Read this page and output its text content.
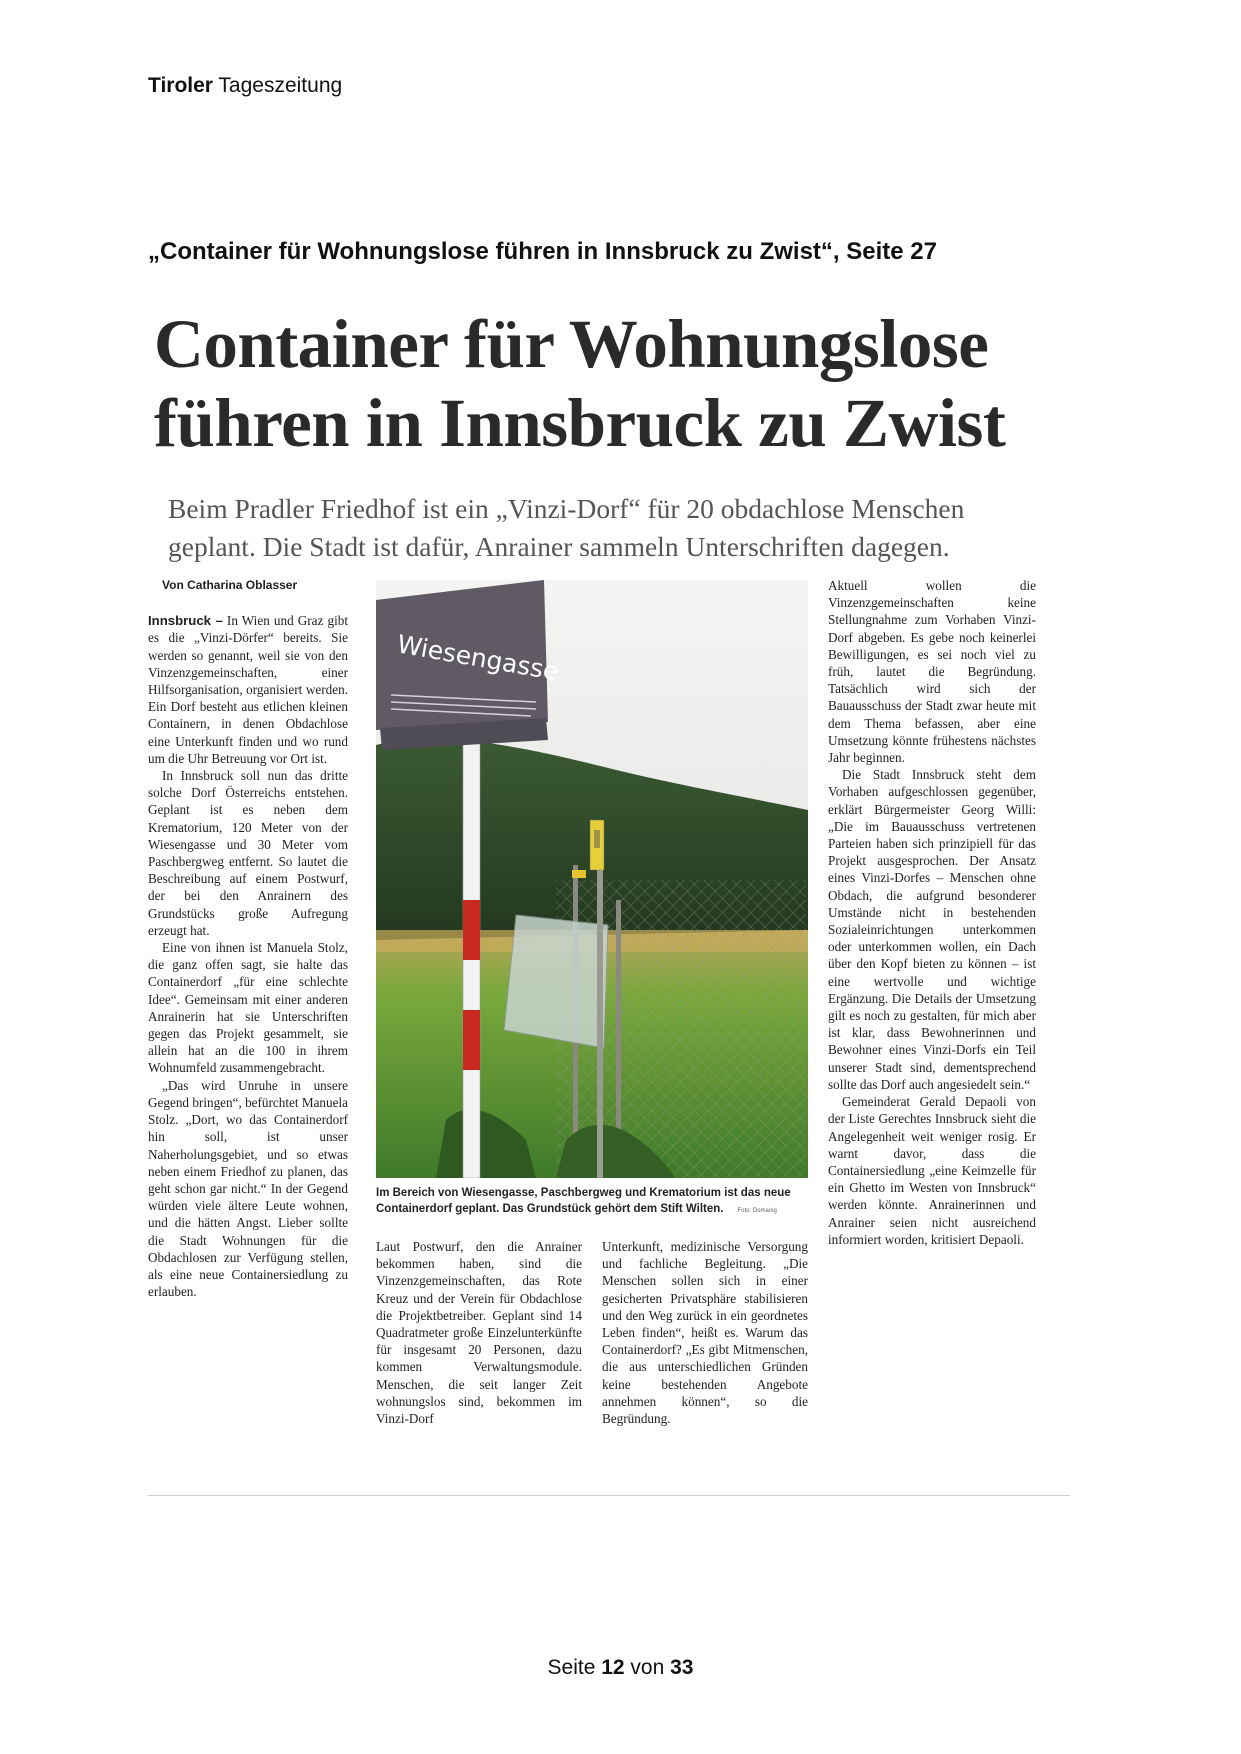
Tiroler Tageszeitung
„Container für Wohnungslose führen in Innsbruck zu Zwist“, Seite 27
Container für Wohnungslose
führen in Innsbruck zu Zwist
Beim Pradler Friedhof ist ein „Vinzi-Dorf“ für 20 obdachlose Menschen
geplant. Die Stadt ist dafür, Anrainer sammeln Unterschriften dagegen.

Von Catharina Oblasser

Innsbruck – In Wien und Graz gibt es die „Vinzi-Dörfer“ bereits. Sie werden so genannt, weil sie von den Vinzenzgemeinschaften, einer Hilfsorganisation, organisiert werden. Ein Dorf besteht aus etlichen kleinen Containern, in denen Obdachlose eine Unterkunft finden und wo rund um die Uhr Betreuung vor Ort ist.

In Innsbruck soll nun das dritte solche Dorf Österreichs entstehen. Geplant ist es neben dem Krematorium, 120 Meter von der Wiesengasse und 30 Meter vom Paschbergweg entfernt. So lautet die Beschreibung auf einem Postwurf, der bei den Anrainern des Grundstücks große Aufregung erzeugt hat.

Eine von ihnen ist Manuela Stolz, die ganz offen sagt, sie halte das Containerdorf „für eine schlechte Idee“. Gemeinsam mit einer anderen Anrainerin hat sie Unterschriften gegen das Projekt gesammelt, sie allein hat an die 100 in ihrem Wohnumfeld zusammengebracht.

„Das wird Unruhe in unsere Gegend bringen“, befürchtet Manuela Stolz. „Dort, wo das Containerdorf hin soll, ist unser Naherholungsgebiet, und so etwas neben einem Friedhof zu planen, das geht schon gar nicht.“ In der Gegend würden viele ältere Leute wohnen, und die hätten Angst. Lieber sollte die Stadt Wohnungen für die Obdachlosen zur Verfügung stellen, als eine neue Containersiedlung zu erlauben.

Wiesengasse
Im Bereich von Wiesengasse, Paschbergweg und Krematorium ist das neue Containerdorf geplant. Das Grundstück gehört dem Stift Wilten. Foto: Domanig

Laut Postwurf, den die Anrainer bekommen haben, sind die Vinzenzgemeinschaften, das Rote Kreuz und der Verein für Obdachlose die Projektbetreiber. Geplant sind 14 Quadratmeter große Einzelunterkünfte für insgesamt 20 Personen, dazu kommen Verwaltungsmodule. Menschen, die seit langer Zeit wohnungslos sind, bekommen im Vinzi-Dorf

Unterkunft, medizinische Versorgung und fachliche Begleitung. „Die Menschen sollen sich in einer gesicherten Privatsphäre stabilisieren und den Weg zurück in ein geordnetes Leben finden“, heißt es. Warum das Containerdorf? „Es gibt Mitmenschen, die aus unterschiedlichen Gründen keine bestehenden Angebote annehmen können“, so die Begründung.

Aktuell wollen die Vinzenzgemeinschaften keine Stellungnahme zum Vorhaben Vinzi-Dorf abgeben. Es gebe noch keinerlei Bewilligungen, es sei noch viel zu früh, lautet die Begründung. Tatsächlich wird sich der Bauausschuss der Stadt zwar heute mit dem Thema befassen, aber eine Umsetzung könnte frühestens nächstes Jahr beginnen.

Die Stadt Innsbruck steht dem Vorhaben aufgeschlossen gegenüber, erklärt Bürgermeister Georg Willi: „Die im Bauausschuss vertretenen Parteien haben sich prinzipiell für das Projekt ausgesprochen. Der Ansatz eines Vinzi-Dorfes – Menschen ohne Obdach, die aufgrund besonderer Umstände nicht in bestehenden Sozialeinrichtungen unterkommen oder unterkommen wollen, ein Dach über den Kopf bieten zu können – ist eine wertvolle und wichtige Ergänzung. Die Details der Umsetzung gilt es noch zu gestalten, für mich aber ist klar, dass Bewohnerinnen und Bewohner eines Vinzi-Dorfs ein Teil unserer Stadt sind, dementsprechend sollte das Dorf auch angesiedelt sein.“

Gemeinderat Gerald Depaoli von der Liste Gerechtes Innsbruck sieht die Angelegenheit weit weniger rosig. Er warnt davor, dass die Containersiedlung „eine Keimzelle für ein Ghetto im Westen von Innsbruck“ werden könnte. Anrainerinnen und Anrainer seien nicht ausreichend informiert worden, kritisiert Depaoli.

Seite 12 von 33
